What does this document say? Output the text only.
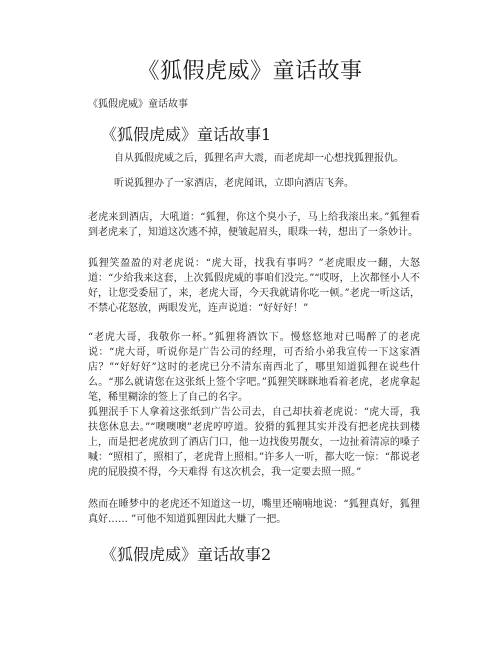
《狐假虎威》童话故事
《狐假虎威》童话故事
《狐假虎威》童话故事1
自从狐假虎威之后，狐狸名声大震，而老虎却一心想找狐狸报仇。
听说狐狸办了一家酒店，老虎闻讯，立即向酒店飞奔。
老虎来到酒店，大吼道：“狐狸，你这个臭小子，马上给我滚出来。”狐狸看到老虎来了，知道这次逃不掉，便皱起眉头，眼珠一转，想出了一条妙计。
狐狸笑盈盈的对老虎说：“虎大哥，找我有事吗？”老虎眼皮一翻，大怒道：“少给我来这套，上次狐假虎威的事咱们没完。”“哎呀，上次都怪小人不好，让您受委屈了，来，老虎大哥，今天我就请你吃一顿。”老虎一听这话，不禁心花怒放，两眼发光，连声说道：“好好好！”
“老虎大哥，我敬你一杯。”狐狸将酒饮下。慢悠悠地对已喝醉了的老虎说：“虎大哥，听说你是广告公司的经理，可否给小弟我宣传一下这家酒店？”“好好好”这时的老虎已分不清东南西北了，哪里知道狐狸在说些什么。“那么就请您在这张纸上签个字吧。”狐狸笑眯眯地看着老虎，老虎拿起笔，稀里糊涂的签上了自己的名字。
狐狸泯手下人拿着这张纸到广告公司去，自己却扶着老虎说：“虎大哥，我扶您休息去。”“噢噢噢”老虎哼哼道。狡猾的狐狸其实并没有把老虎扶到楼上，而是把老虎放到了酒店门口，他一边找俊男靓女，一边扯着清凉的嗓子喊：“照相了，照相了，老虎背上照相。”许多人一听，都大吃一惊：“都说老虎的屁股摸不得，今天难得 有这次机会，我一定要去照一照。”
然而在睡梦中的老虎还不知道这一切，嘴里还喃喃地说：“狐狸真好，狐狸真好…… ”可他不知道狐狸因此大赚了一把。
《狐假虎威》童话故事2
